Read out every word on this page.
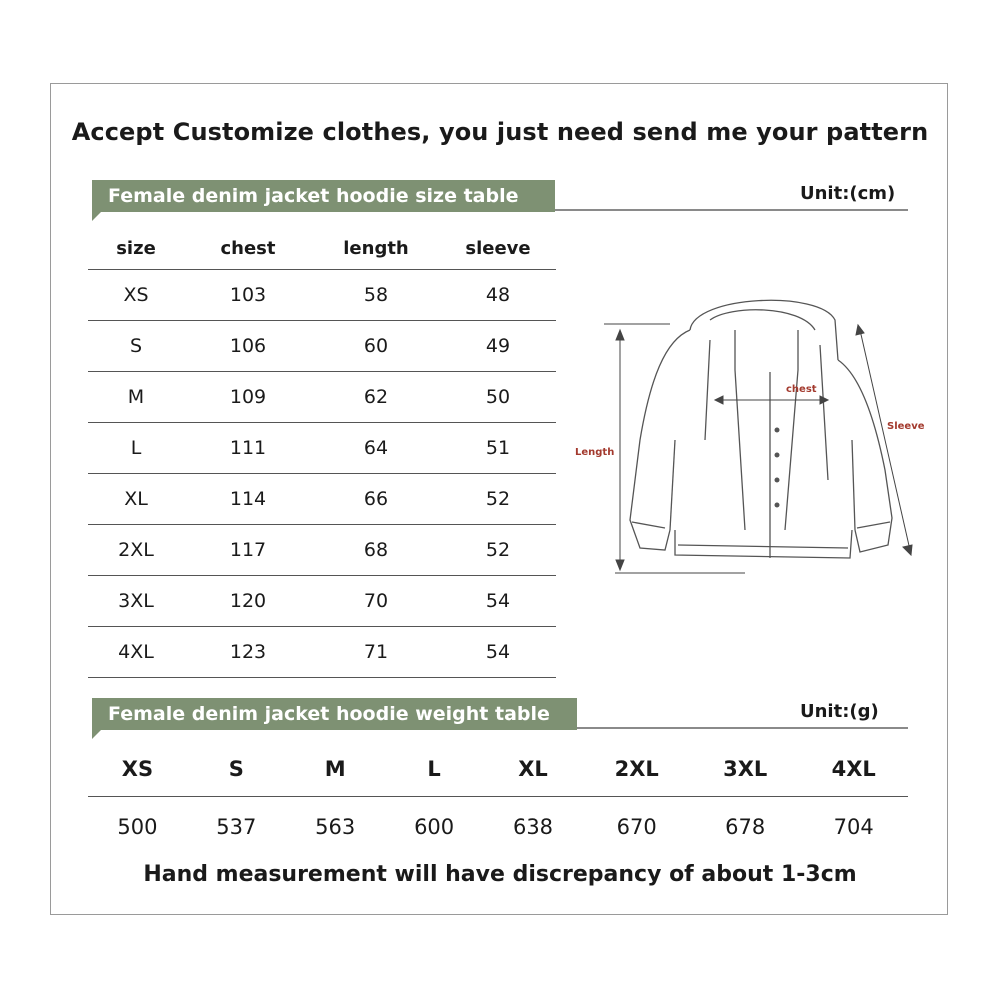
Accept Customize clothes, you just need send me your pattern
Female denim jacket hoodie size table	Unit:(cm)
size	chest	length	sleeve
XS	103	58	48
S	106	60	49
M	109	62	50
L	111	64	51
XL	114	66	52
2XL	117	68	52
3XL	120	70	54
4XL	123	71	54
Length
chest
Sleeve
Female denim jacket hoodie weight table	Unit:(g)
XS	S	M	L	XL	2XL	3XL	4XL
500	537	563	600	638	670	678	704
Hand measurement will have discrepancy of about 1-3cm
